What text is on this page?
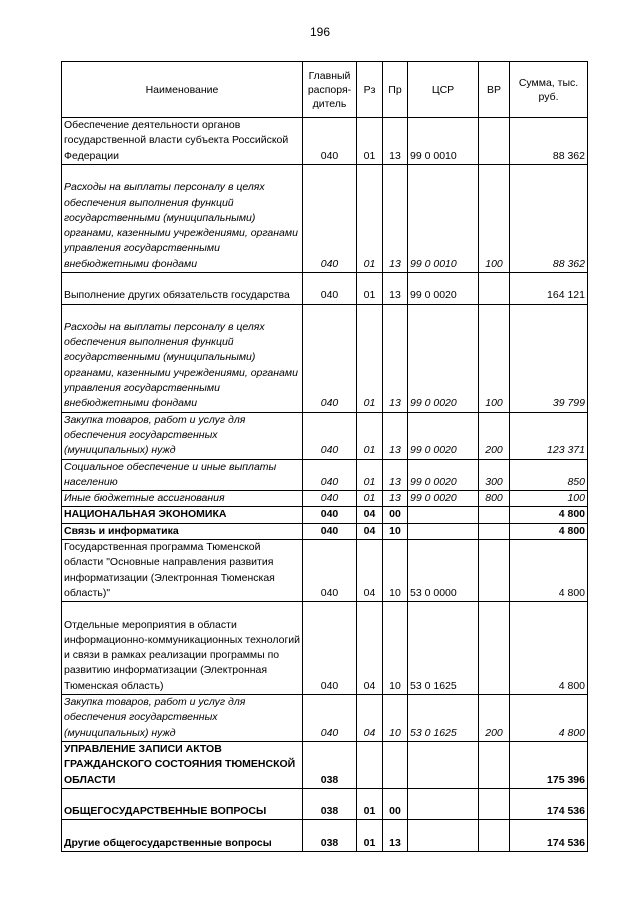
196
Наименование	Главный распоря-дитель	Рз	Пр	ЦСР	ВР	Сумма, тыс. руб.
Обеспечение деятельности органов государственной власти субъекта Российской Федерации	040	01	13	99 0 0010		88 362
Расходы на выплаты персоналу в целях обеспечения выполнения функций государственными (муниципальными) органами, казенными учреждениями, органами управления государственными внебюджетными фондами	040	01	13	99 0 0010	100	88 362
Выполнение других обязательств государства	040	01	13	99 0 0020		164 121
Расходы на выплаты персоналу в целях обеспечения выполнения функций государственными (муниципальными) органами, казенными учреждениями, органами управления государственными внебюджетными фондами	040	01	13	99 0 0020	100	39 799
Закупка товаров, работ и услуг для обеспечения государственных (муниципальных) нужд	040	01	13	99 0 0020	200	123 371
Социальное обеспечение и иные выплаты населению	040	01	13	99 0 0020	300	850
Иные бюджетные ассигнования	040	01	13	99 0 0020	800	100
НАЦИОНАЛЬНАЯ ЭКОНОМИКА	040	04	00			4 800
Связь и информатика	040	04	10			4 800
Государственная программа Тюменской области "Основные направления развития информатизации (Электронная Тюменская область)"	040	04	10	53 0 0000		4 800
Отдельные мероприятия в области информационно-коммуникационных технологий и связи в рамках реализации программы по развитию информатизации (Электронная Тюменская область)	040	04	10	53 0 1625		4 800
Закупка товаров, работ и услуг для обеспечения государственных (муниципальных) нужд	040	04	10	53 0 1625	200	4 800
УПРАВЛЕНИЕ ЗАПИСИ АКТОВ ГРАЖДАНСКОГО СОСТОЯНИЯ ТЮМЕНСКОЙ ОБЛАСТИ	038					175 396
ОБЩЕГОСУДАРСТВЕННЫЕ ВОПРОСЫ	038	01	00			174 536
Другие общегосударственные вопросы	038	01	13			174 536
